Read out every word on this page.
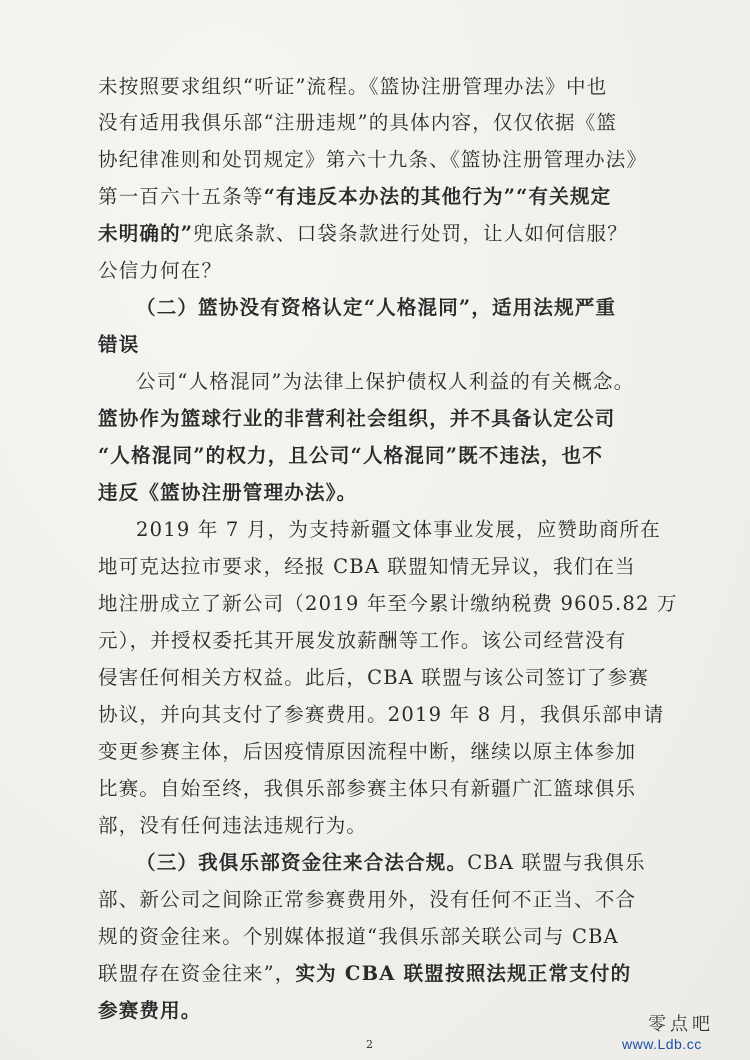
未按照要求组织“听证”流程。《篮协注册管理办法》中也
没有适用我俱乐部“注册违规”的具体内容，仅仅依据《篮
协纪律准则和处罚规定》第六十九条、《篮协注册管理办法》
第一百六十五条等“有违反本办法的其他行为”“有关规定
未明确的”兜底条款、口袋条款进行处罚，让人如何信服？
公信力何在？
（二）篮协没有资格认定“人格混同”，适用法规严重
错误
公司“人格混同”为法律上保护债权人利益的有关概念。
篮协作为篮球行业的非营利社会组织，并不具备认定公司
“人格混同”的权力，且公司“人格混同”既不违法，也不
违反《篮协注册管理办法》。
2019 年 7 月，为支持新疆文体事业发展，应赞助商所在
地可克达拉市要求，经报 CBA 联盟知情无异议，我们在当
地注册成立了新公司（2019 年至今累计缴纳税费 9605.82 万
元），并授权委托其开展发放薪酬等工作。该公司经营没有
侵害任何相关方权益。此后，CBA 联盟与该公司签订了参赛
协议，并向其支付了参赛费用。2019 年 8 月，我俱乐部申请
变更参赛主体，后因疫情原因流程中断，继续以原主体参加
比赛。自始至终，我俱乐部参赛主体只有新疆广汇篮球俱乐
部，没有任何违法违规行为。
（三）我俱乐部资金往来合法合规。CBA 联盟与我俱乐
部、新公司之间除正常参赛费用外，没有任何不正当、不合
规的资金往来。个别媒体报道“我俱乐部关联公司与 CBA
联盟存在资金往来”，实为 CBA 联盟按照法规正常支付的
参赛费用。
2
零点吧
www.Ldb.cc
